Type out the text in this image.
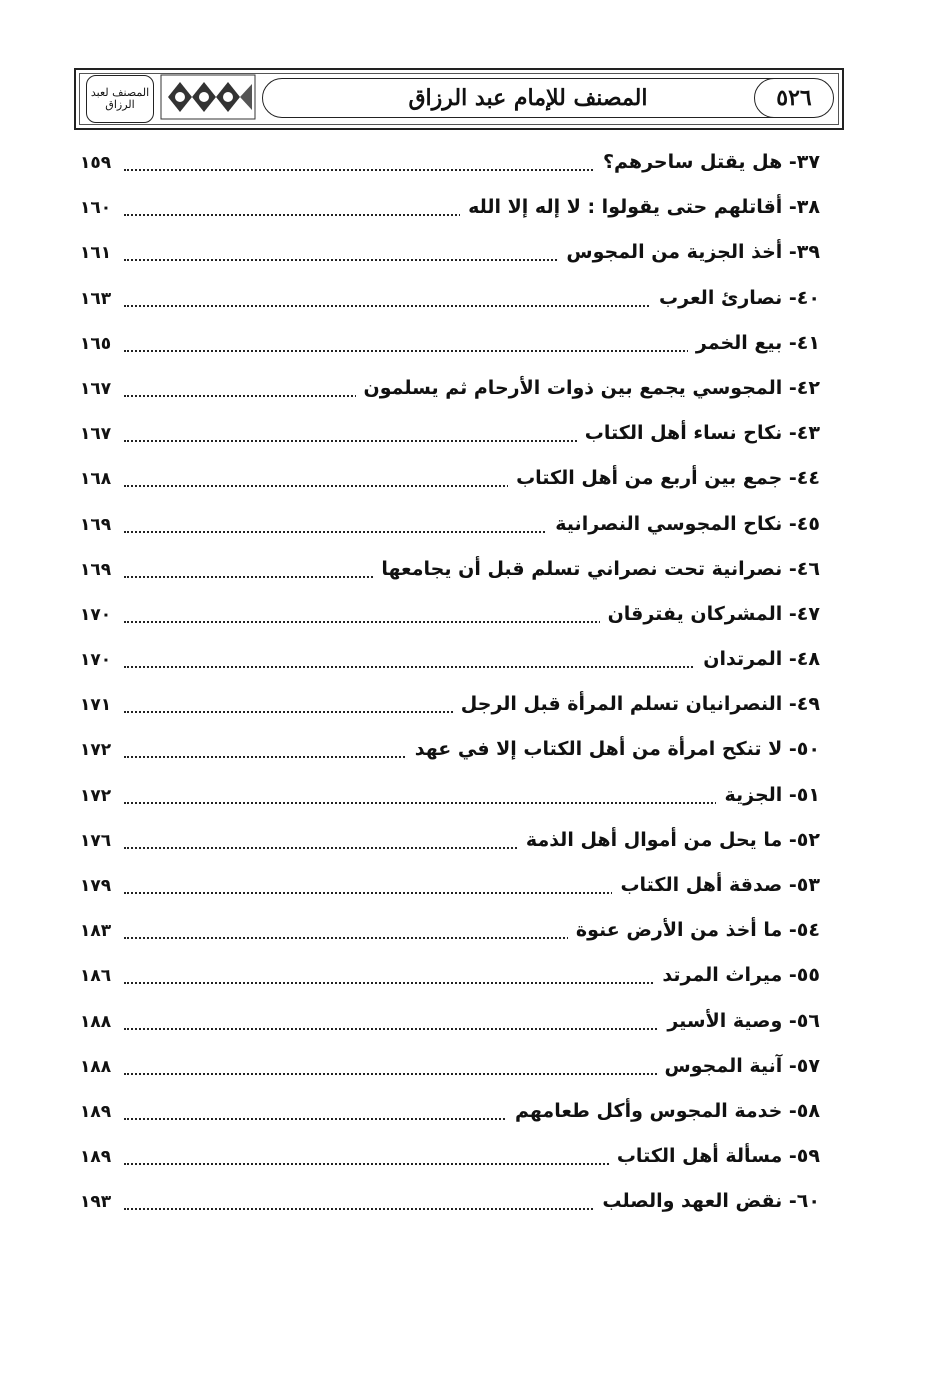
المصنف لعبد الرزاق	المصنف للإمام عبد الرزاق	٥٢٦
٣٧- هل يقتل ساحرهم؟
١٥٩
٣٨- أقاتلهم حتى يقولوا : لا إله إلا الله
١٦٠
٣٩- أخذ الجزية من المجوس
١٦١
٤٠- نصارئ العرب
١٦٣
٤١- بيع الخمر
١٦٥
٤٢- المجوسي يجمع بين ذوات الأرحام ثم يسلمون
١٦٧
٤٣- نكاح نساء أهل الكتاب
١٦٧
٤٤- جمع بين أربع من أهل الكتاب
١٦٨
٤٥- نكاح المجوسي النصرانية
١٦٩
٤٦- نصرانية تحت نصراني تسلم قبل أن يجامعها
١٦٩
٤٧- المشركان يفترقان
١٧٠
٤٨- المرتدان
١٧٠
٤٩- النصرانيان تسلم المرأة قبل الرجل
١٧١
٥٠- لا تنكح امرأة من أهل الكتاب إلا في عهد
١٧٢
٥١- الجزية
١٧٢
٥٢- ما يحل من أموال أهل الذمة
١٧٦
٥٣- صدقة أهل الكتاب
١٧٩
٥٤- ما أخذ من الأرض عنوة
١٨٣
٥٥- ميراث المرتد
١٨٦
٥٦- وصية الأسير
١٨٨
٥٧- آنية المجوس
١٨٨
٥٨- خدمة المجوس وأكل طعامهم
١٨٩
٥٩- مسألة أهل الكتاب
١٨٩
٦٠- نقض العهد والصلب
١٩٣
